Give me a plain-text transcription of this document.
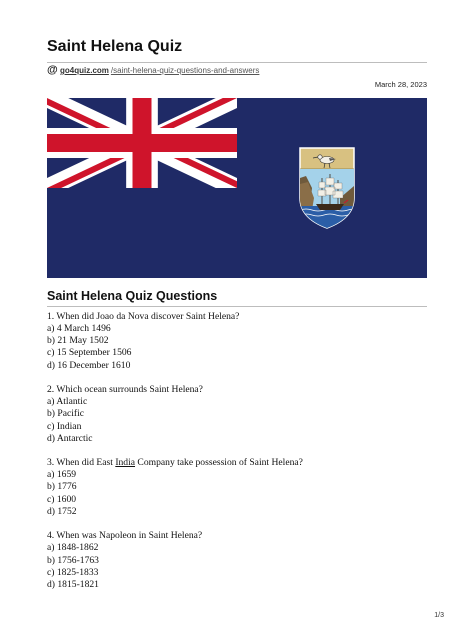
Saint Helena Quiz
@ go4quiz.com /saint-helena-quiz-questions-and-answers
March 28, 2023
Saint Helena Quiz Questions
1. When did Joao da Nova discover Saint Helena?
a) 4 March 1496
b) 21 May 1502
c) 15 September 1506
d) 16 December 1610
2. Which ocean surrounds Saint Helena?
a) Atlantic
b) Pacific
c) Indian
d) Antarctic
3. When did East India Company take possession of Saint Helena?
a) 1659
b) 1776
c) 1600
d) 1752
4. When was Napoleon in Saint Helena?
a) 1848-1862
b) 1756-1763
c) 1825-1833
d) 1815-1821
1/3
